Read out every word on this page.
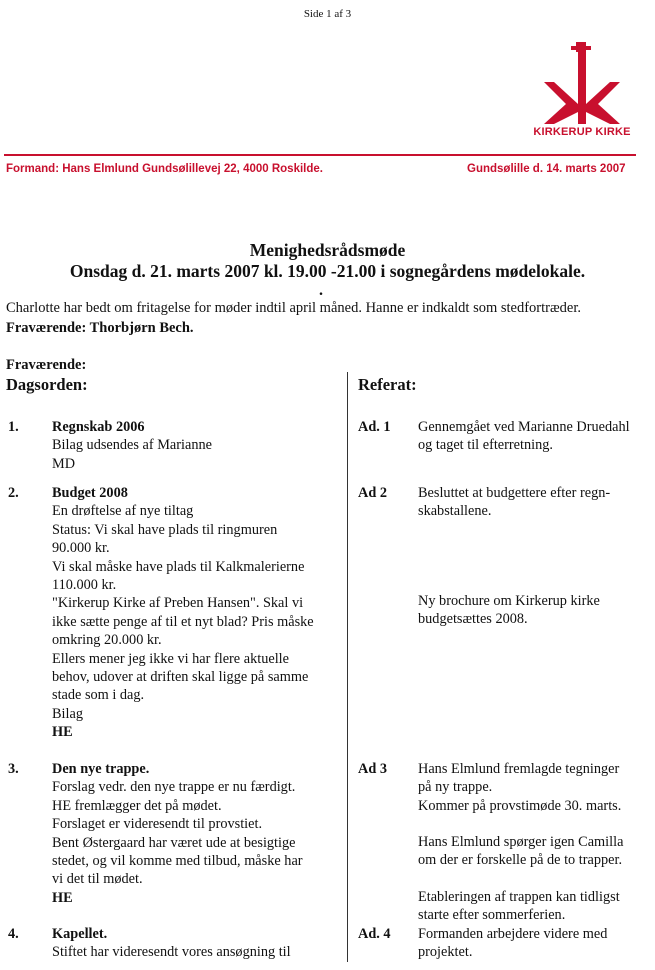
Side 1 af 3
KIRKERUP KIRKE
Formand: Hans Elmlund Gundsølillevej 22, 4000 Roskilde.	Gundsølille d. 14. marts 2007
Menighedsrådsmøde
Onsdag d. 21. marts 2007 kl. 19.00 -21.00 i sognegårdens mødelokale.
.
Charlotte har bedt om fritagelse for møder indtil april måned. Hanne er indkaldt som stedfortræder.
Fraværende: Thorbjørn Bech.
Fraværende:
Dagsorden:	Referat:
1. Regnskab 2006
Bilag udsendes af Marianne
MD
Ad. 1 Gennemgået ved Marianne Druedahl
og taget til efterretning.
2. Budget 2008
En drøftelse af nye tiltag
Status: Vi skal have plads til ringmuren
90.000 kr.
Vi skal måske have plads til Kalkmalerierne
110.000 kr.
"Kirkerup Kirke af Preben Hansen". Skal vi
ikke sætte penge af til et nyt blad? Pris måske
omkring 20.000 kr.
Ellers mener jeg ikke vi har flere aktuelle
behov, udover at driften skal ligge på samme
stade som i dag.
Bilag
HE
Ad 2 Besluttet at budgettere efter regn-
skabstallene.
Ny brochure om Kirkerup kirke
budgetsættes 2008.
3. Den nye trappe.
Forslag vedr. den nye trappe er nu færdigt.
HE fremlægger det på mødet.
Forslaget er videresendt til provstiet.
Bent Østergaard har været ude at besigtige
stedet, og vil komme med tilbud, måske har
vi det til mødet.
HE
Ad 3 Hans Elmlund fremlagde tegninger
på ny trappe.
Kommer på provstimøde 30. marts.
Hans Elmlund spørger igen Camilla
om der er forskelle på de to trapper.
Etableringen af trappen kan tidligst
starte efter sommerferien.
4. Kapellet.
Stiftet har videresendt vores ansøgning til
Ad. 4 Formanden arbejdere videre med
projektet.
